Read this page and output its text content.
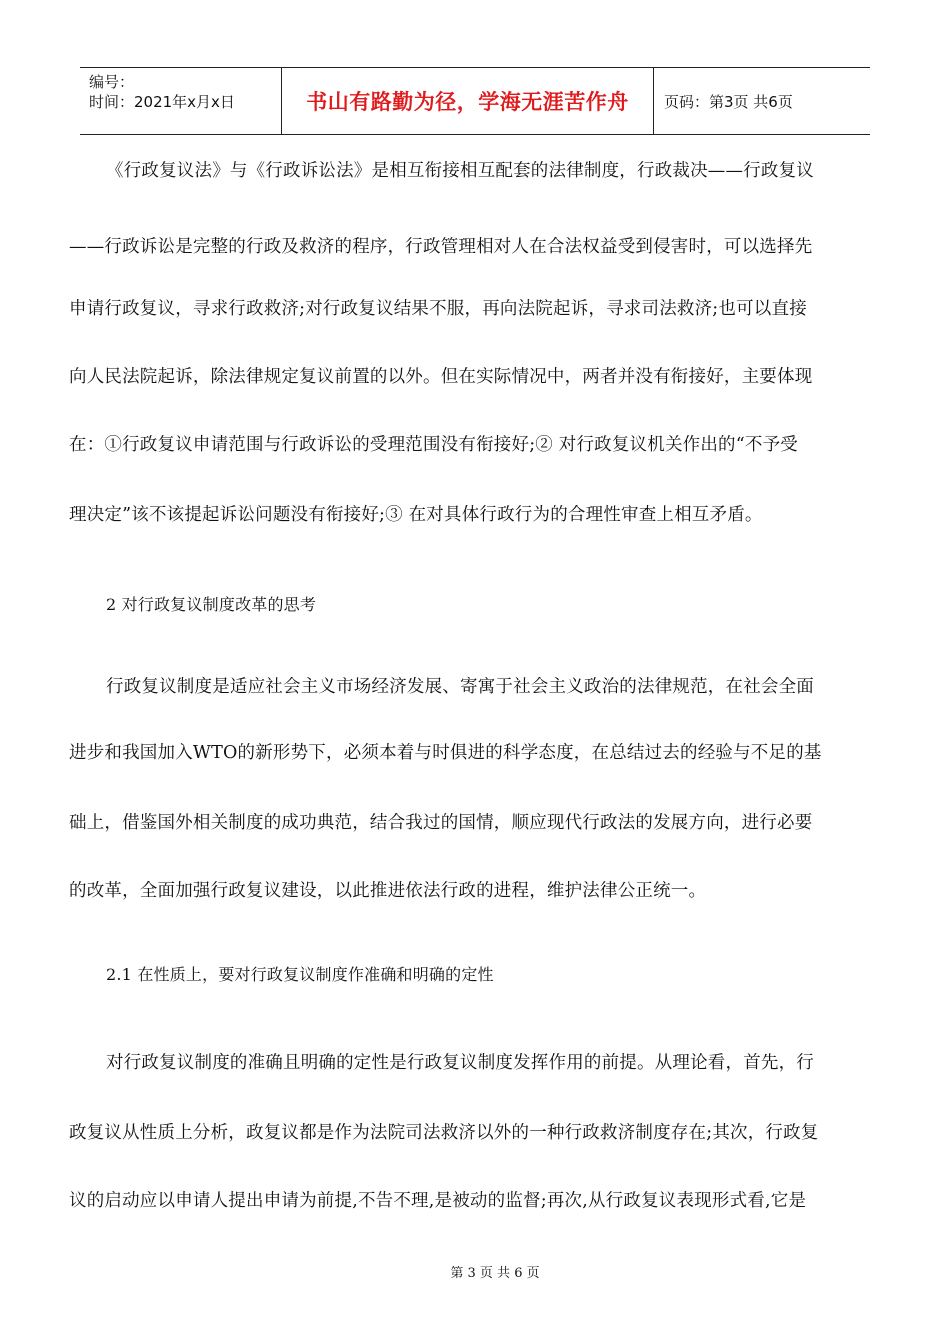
编号：
时间：2021年x月x日	书山有路勤为径，学海无涯苦作舟	页码：第3页 共6页
《行政复议法》与《行政诉讼法》是相互衔接相互配套的法律制度，行政裁决——行政复议
——行政诉讼是完整的行政及救济的程序，行政管理相对人在合法权益受到侵害时，可以选择先
申请行政复议，寻求行政救济;对行政复议结果不服，再向法院起诉，寻求司法救济;也可以直接
向人民法院起诉，除法律规定复议前置的以外。但在实际情况中，两者并没有衔接好，主要体现
在：①行政复议申请范围与行政诉讼的受理范围没有衔接好;② 对行政复议机关作出的“不予受
理决定”该不该提起诉讼问题没有衔接好;③ 在对具体行政行为的合理性审查上相互矛盾。
2 对行政复议制度改革的思考
行政复议制度是适应社会主义市场经济发展、寄寓于社会主义政治的法律规范，在社会全面
进步和我国加入WTO的新形势下，必须本着与时俱进的科学态度，在总结过去的经验与不足的基
础上，借鉴国外相关制度的成功典范，结合我过的国情，顺应现代行政法的发展方向，进行必要
的改革，全面加强行政复议建设，以此推进依法行政的进程，维护法律公正统一。
2.1 在性质上，要对行政复议制度作准确和明确的定性
对行政复议制度的准确且明确的定性是行政复议制度发挥作用的前提。从理论看，首先，行
政复议从性质上分析，政复议都是作为法院司法救济以外的一种行政救济制度存在;其次，行政复
议的启动应以申请人提出申请为前提,不告不理,是被动的监督;再次,从行政复议表现形式看,它是
第 3 页 共 6 页
